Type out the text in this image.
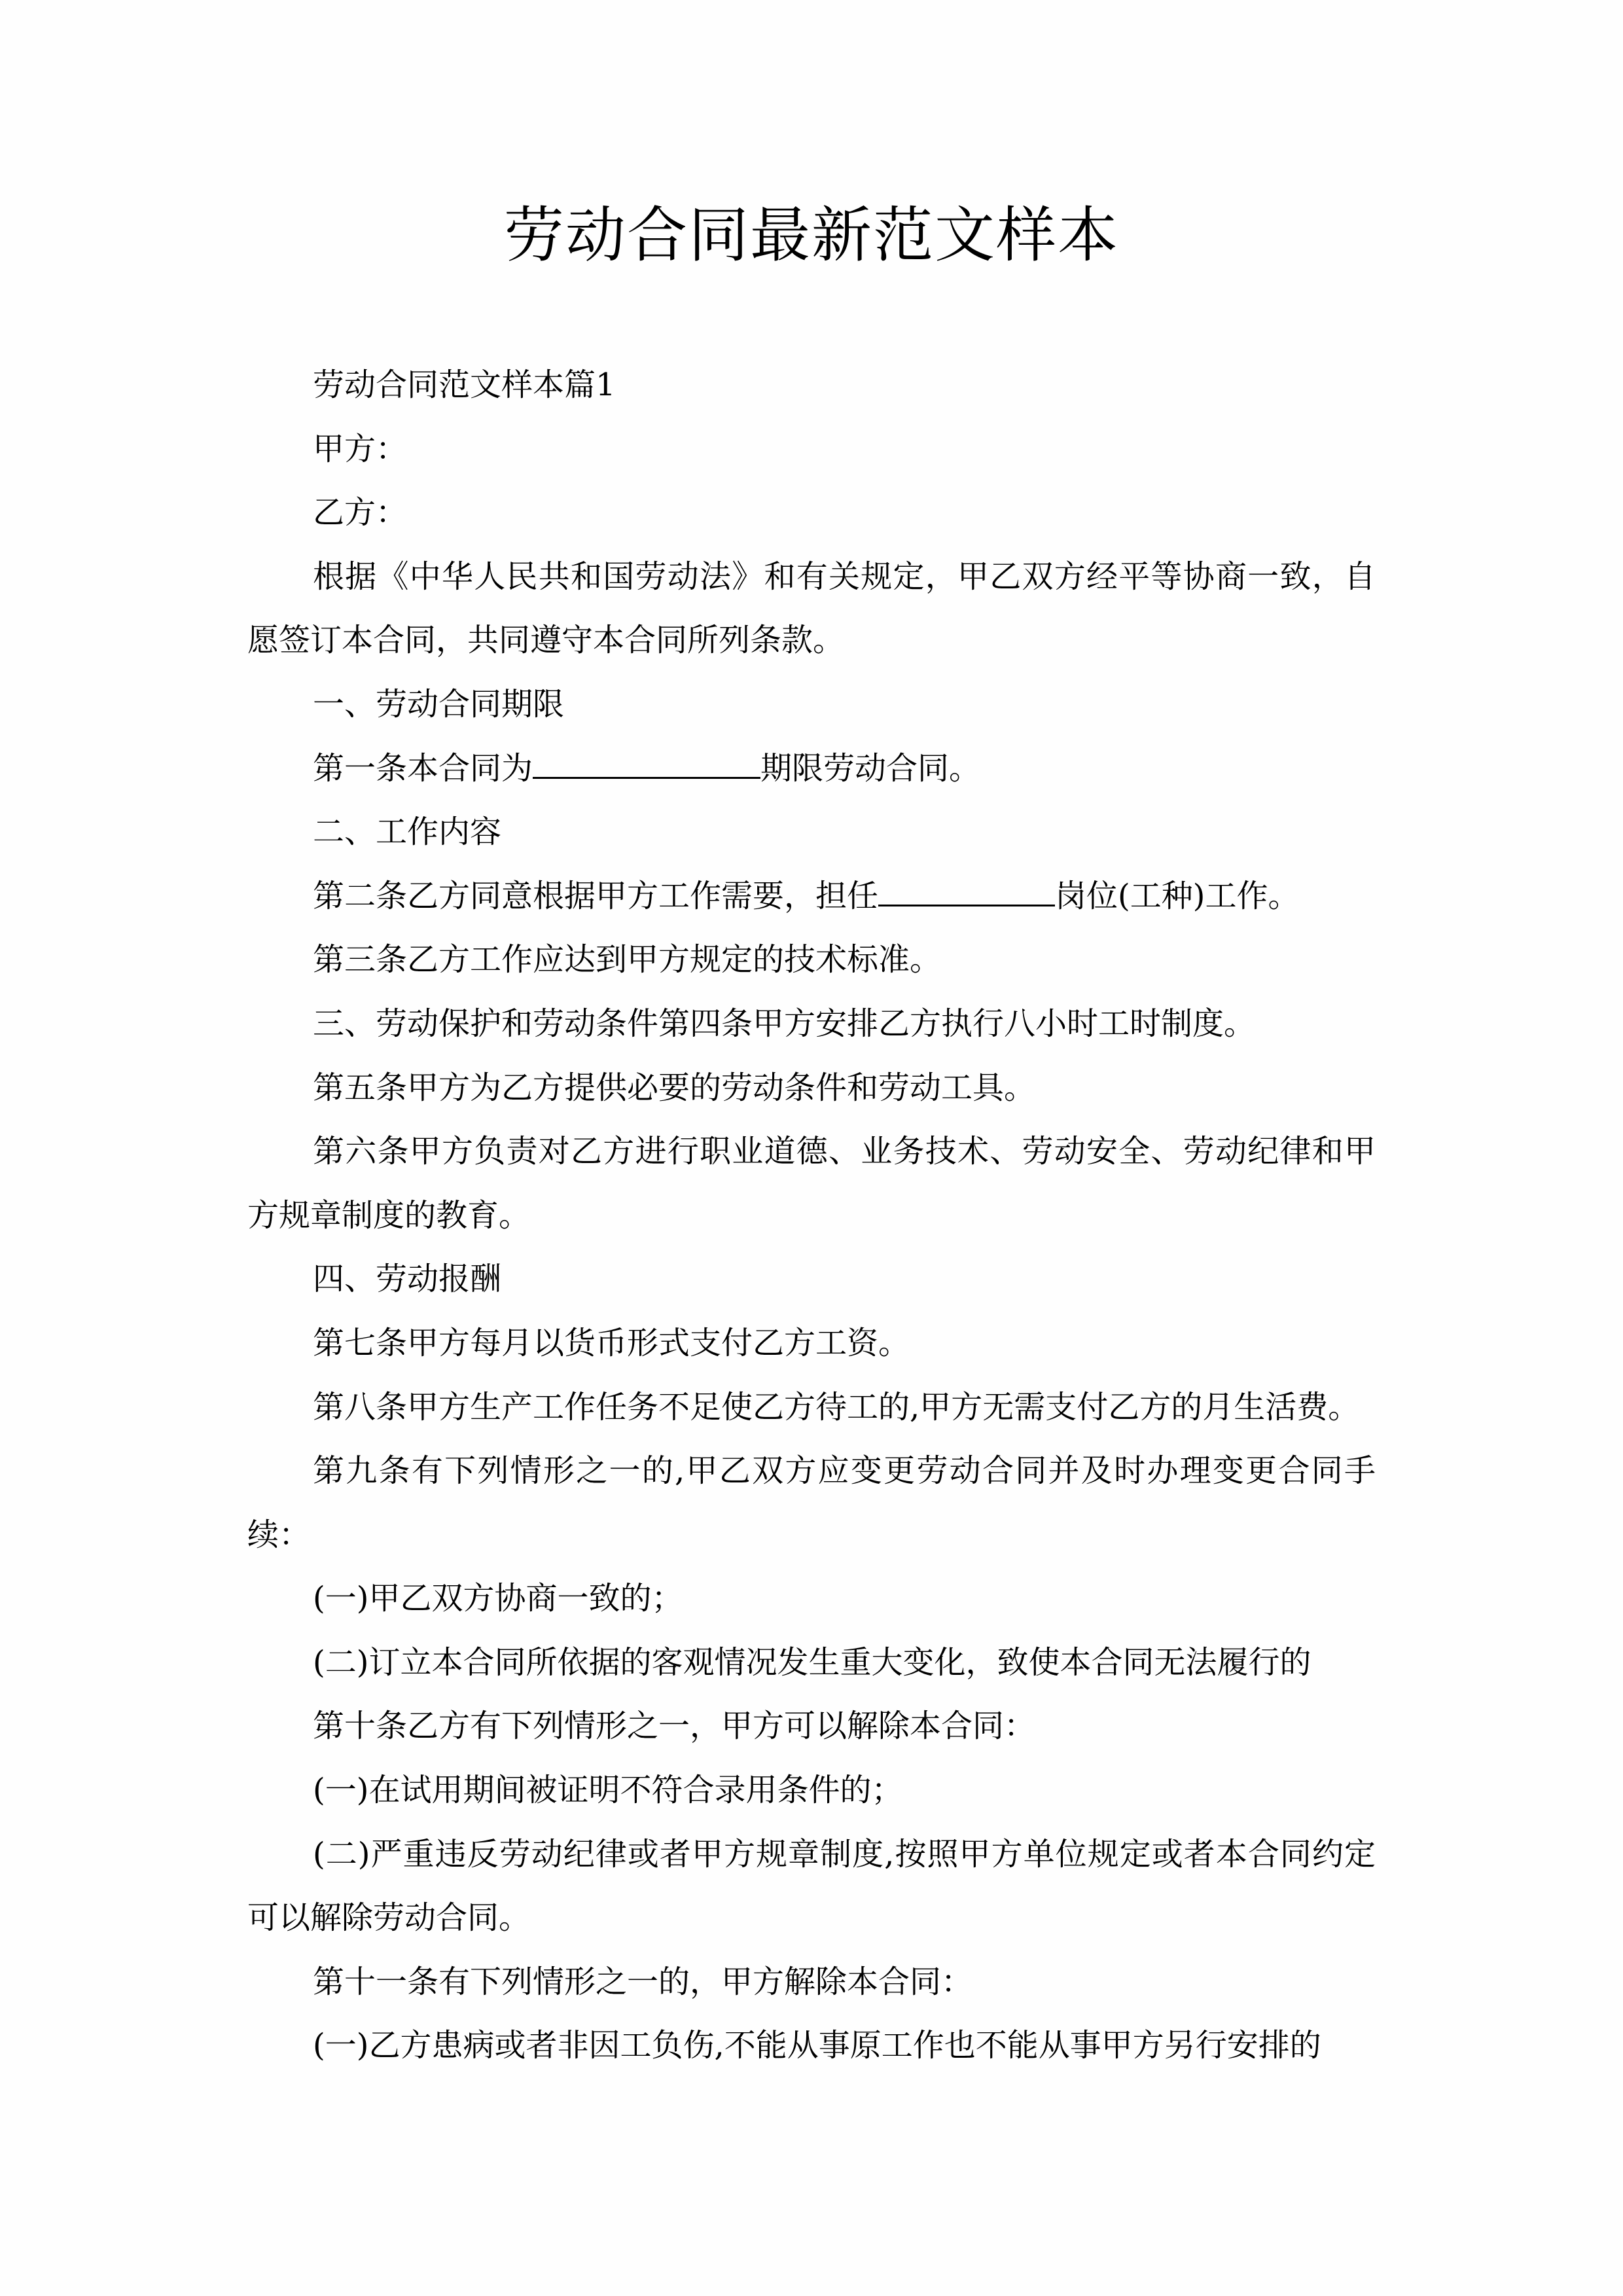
劳动合同最新范文样本

劳动合同范文样本篇1

甲方：

乙方：

根据《中华人民共和国劳动法》和有关规定，甲乙双方经平等协商一致，自愿签订本合同，共同遵守本合同所列条款。

一、劳动合同期限

第一条本合同为	期限劳动合同。

二、工作内容

第二条乙方同意根据甲方工作需要，担任	岗位(工种)工作。

第三条乙方工作应达到甲方规定的技术标准。

三、劳动保护和劳动条件第四条甲方安排乙方执行八小时工时制度。

第五条甲方为乙方提供必要的劳动条件和劳动工具。

第六条甲方负责对乙方进行职业道德、业务技术、劳动安全、劳动纪律和甲方规章制度的教育。

四、劳动报酬

第七条甲方每月以货币形式支付乙方工资。

第八条甲方生产工作任务不足使乙方待工的,甲方无需支付乙方的月生活费。

第九条有下列情形之一的,甲乙双方应变更劳动合同并及时办理变更合同手续：

(一)甲乙双方协商一致的；

(二)订立本合同所依据的客观情况发生重大变化，致使本合同无法履行的

第十条乙方有下列情形之一，甲方可以解除本合同：

(一)在试用期间被证明不符合录用条件的；

(二)严重违反劳动纪律或者甲方规章制度,按照甲方单位规定或者本合同约定可以解除劳动合同。

第十一条有下列情形之一的，甲方解除本合同：

(一)乙方患病或者非因工负伤,不能从事原工作也不能从事甲方另行安排的
